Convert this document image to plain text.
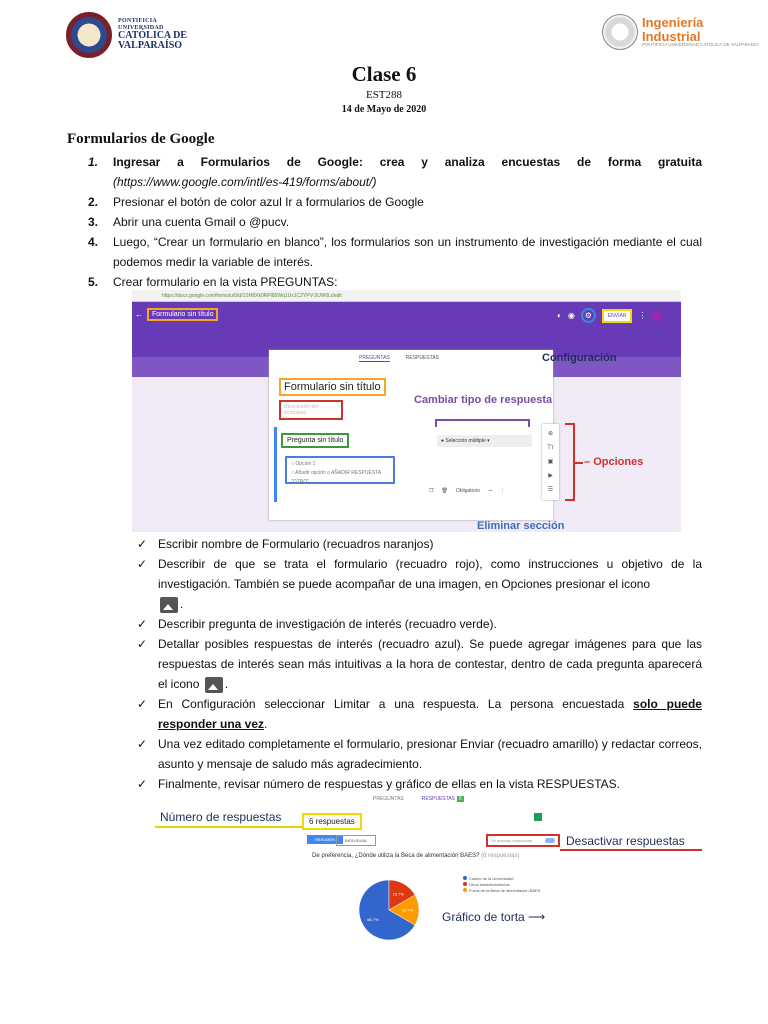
PONTIFICIA
UNIVERSIDAD
CATÓLICA DE
VALPARAÍSO
Ingeniería
Industrial
PONTIFICIA UNIVERSIDAD CATÓLICA DE VALPARAÍSO
Clase 6
EST288
14 de Mayo de 2020
Formularios de Google
1.	Ingresar a Formularios de Google: crea y analiza encuestas de forma gratuita (https://www.google.com/intl/es-419/forms/about/)
2.	Presionar el botón de color azul Ir a formularios de Google
3.	Abrir una cuenta Gmail o @pucv.
4.	Luego, “Crear un formulario en blanco”, los formularios son un instrumento de investigación mediante el cual podemos medir la variable de interés.
5.	Crear formulario en la vista PREGUNTAS:
https://docs.google.com/forms/u/0/d/1SH8Xk0RPl89Wq1Ux1C2YPV-3UW0Lt/edit
←	Formulario sin título	◐ ◉	⚙	ENVIAR	⋮
PREGUNTAS	RESPUESTAS
Formulario sin título
Descripción del formulario
Pregunta sin título	● Selección múltiple ▾
○ Opción 1
○ Añadir opción o AÑADIR RESPUESTA "OTRO"
❐ 🗑 Obligatorio ⊸ ⋮
⊕
Tт
▣
▶
☰
Configuración
Cambiar tipo de respuesta
– Opciones
Eliminar sección
✓ Escribir nombre de Formulario (recuadros naranjos)
✓ Describir de que se trata el formulario (recuadro rojo), como instrucciones u objetivo de la investigación. También se puede acompañar de una imagen, en Opciones presionar el icono
.
✓ Describir pregunta de investigación de interés (recuadro verde).
✓ Detallar posibles respuestas de interés (recuadro azul). Se puede agregar imágenes para que las respuestas de interés sean más intuitivas a la hora de contestar, dentro de cada pregunta aparecerá el icono .
✓ En Configuración seleccionar Limitar a una respuesta. La persona encuestada solo puede responder una vez.
✓ Una vez editado completamente el formulario, presionar Enviar (recuadro amarillo) y redactar correos, asunto y mensaje de saludo más agradecimiento.
✓ Finalmente, revisar número de respuestas y gráfico de ellas en la vista RESPUESTAS.
PREGUNTAS	RESPUESTAS 6
6 respuestas
RESUMEN	INDIVIDUAL	Se aceptan respuestas
De preferencia, ¿Dónde utiliza la Beca de alimentación BAES? (6 respuestas)
66.7%
16.7%
16.7%
Casino de la Universidad
Otros establecimientos
Fuera de la Beca de alimentación BAES
Número de respuestas
Desactivar respuestas
Gráfico de torta ⟶
